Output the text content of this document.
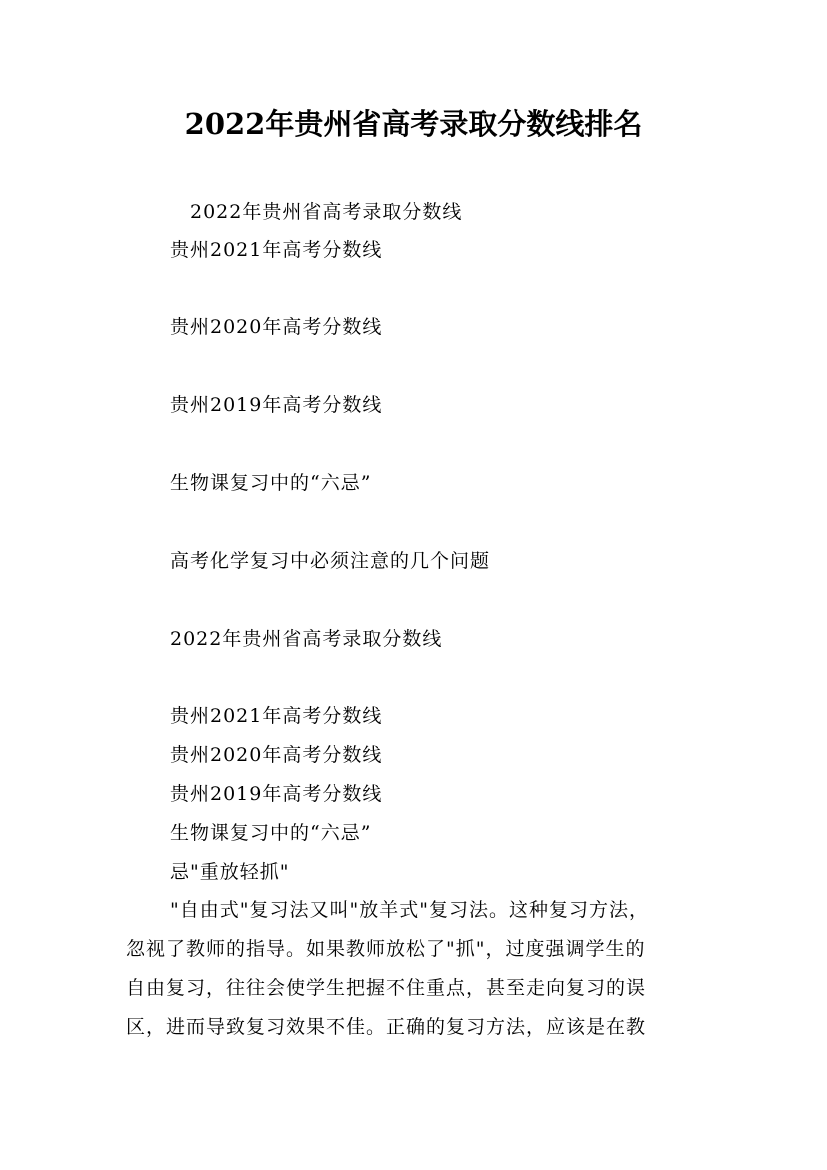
2022年贵州省高考录取分数线排名
2022年贵州省高考录取分数线
贵州2021年高考分数线
贵州2020年高考分数线
贵州2019年高考分数线
生物课复习中的“六忌”
高考化学复习中必须注意的几个问题
2022年贵州省高考录取分数线
贵州2021年高考分数线
贵州2020年高考分数线
贵州2019年高考分数线
生物课复习中的“六忌”
忌"重放轻抓"
"自由式"复习法又叫"放羊式"复习法。这种复习方法，
忽视了教师的指导。如果教师放松了"抓"，过度强调学生的
自由复习，往往会使学生把握不住重点，甚至走向复习的误
区，进而导致复习效果不佳。正确的复习方法，应该是在教
